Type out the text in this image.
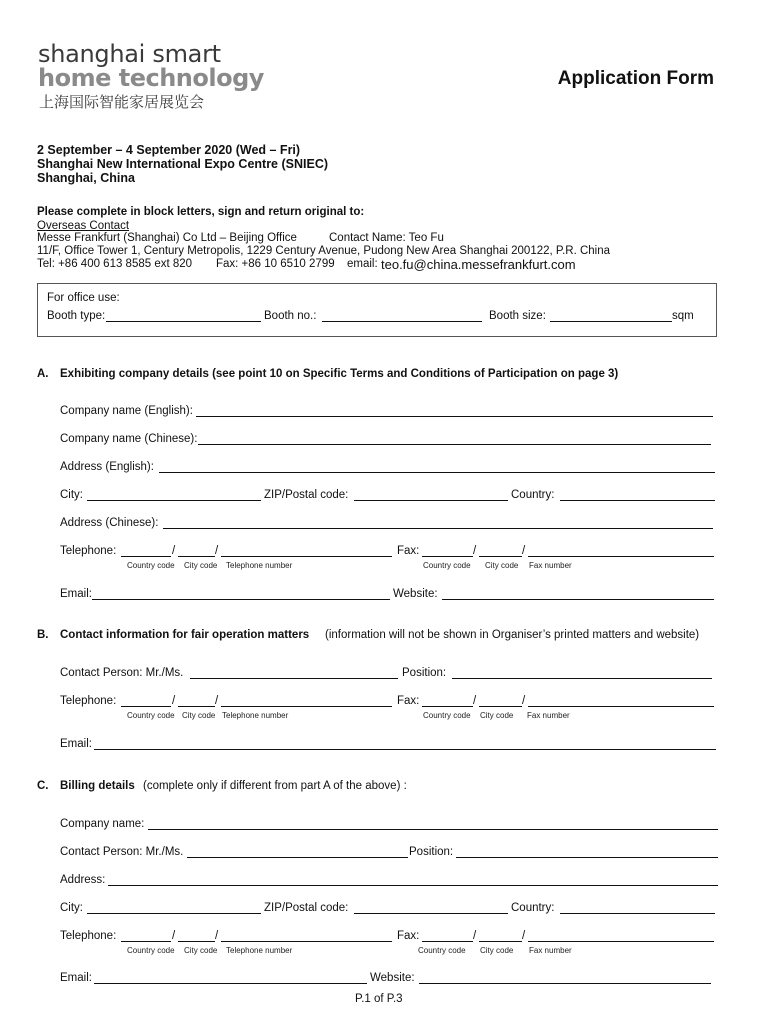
shanghai smart
home technology
上海国际智能家居展览会
Application Form
2 September – 4 September 2020 (Wed – Fri)
Shanghai New International Expo Centre (SNIEC)
Shanghai, China
Please complete in block letters, sign and return original to:
Overseas Contact
Messe Frankfurt (Shanghai) Co Ltd – Beijing Office	Contact Name: Teo Fu
11/F, Office Tower 1, Century Metropolis, 1229 Century Avenue, Pudong New Area Shanghai 200122, P.R. China
Tel: +86 400 613 8585 ext 820 Fax: +86 10 6510 2799 email: teo.fu@china.messefrankfurt.com
For office use:
Booth type:	Booth no.:	Booth size:	sqm
A. Exhibiting company details (see point 10 on Specific Terms and Conditions of Participation on page 3)
Company name (English):
Company name (Chinese):
Address (English):
City:	ZIP/Postal code:	Country:
Address (Chinese):
Telephone:	/	/	Fax:	/	/
Country code City code Telephone number	Country code City code Fax number
Email:	Website:
B. Contact information for fair operation matters (information will not be shown in Organiser’s printed matters and website)
Contact Person: Mr./Ms.	Position:
Telephone:	/	/	Fax:	/	/
Country code City code Telephone number	Country code City code Fax number
Email:
C. Billing details (complete only if different from part A of the above) :
Company name:
Contact Person: Mr./Ms.	Position:
Address:
City:	ZIP/Postal code:	Country:
Telephone:	/	/	Fax:	/	/
Country code City code Telephone number	Country code City code Fax number
Email:	Website:
P.1 of P.3
